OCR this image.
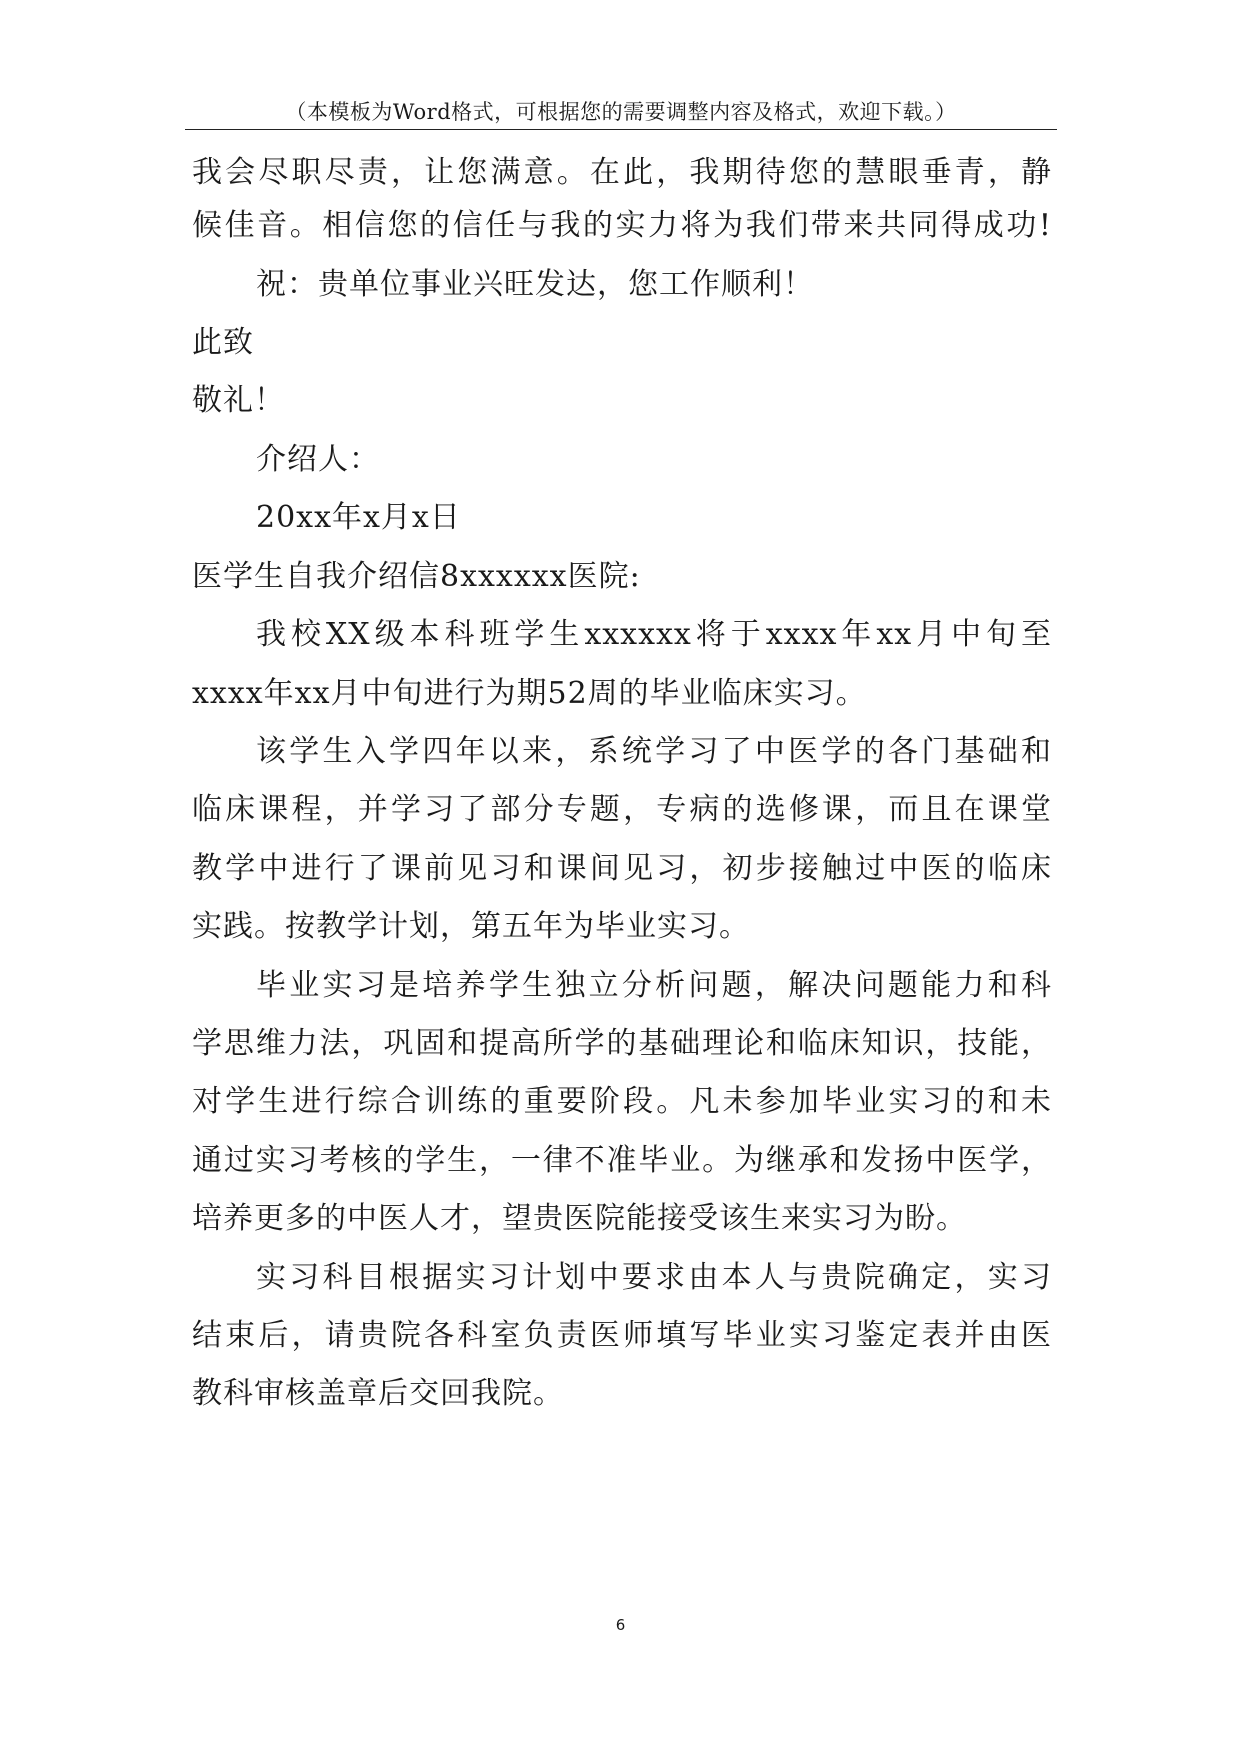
（本模板为Word格式，可根据您的需要调整内容及格式，欢迎下载。）
我会尽职尽责，让您满意。在此，我期待您的慧眼垂青，静
候佳音。相信您的信任与我的实力将为我们带来共同得成功!
祝：贵单位事业兴旺发达，您工作顺利！
此致
敬礼！
介绍人：
20xx年x月x日
医学生自我介绍信8xxxxxx医院:
我校XX级本科班学生xxxxxx将于xxxx年xx月中旬至
xxxx年xx月中旬进行为期52周的毕业临床实习。
该学生入学四年以来，系统学习了中医学的各门基础和
临床课程，并学习了部分专题，专病的选修课，而且在课堂
教学中进行了课前见习和课间见习，初步接触过中医的临床
实践。按教学计划，第五年为毕业实习。
毕业实习是培养学生独立分析问题，解决问题能力和科
学思维力法，巩固和提高所学的基础理论和临床知识，技能，
对学生进行综合训练的重要阶段。凡未参加毕业实习的和未
通过实习考核的学生，一律不准毕业。为继承和发扬中医学，
培养更多的中医人才，望贵医院能接受该生来实习为盼。
实习科目根据实习计划中要求由本人与贵院确定，实习
结束后，请贵院各科室负责医师填写毕业实习鉴定表并由医
教科审核盖章后交回我院。
6
